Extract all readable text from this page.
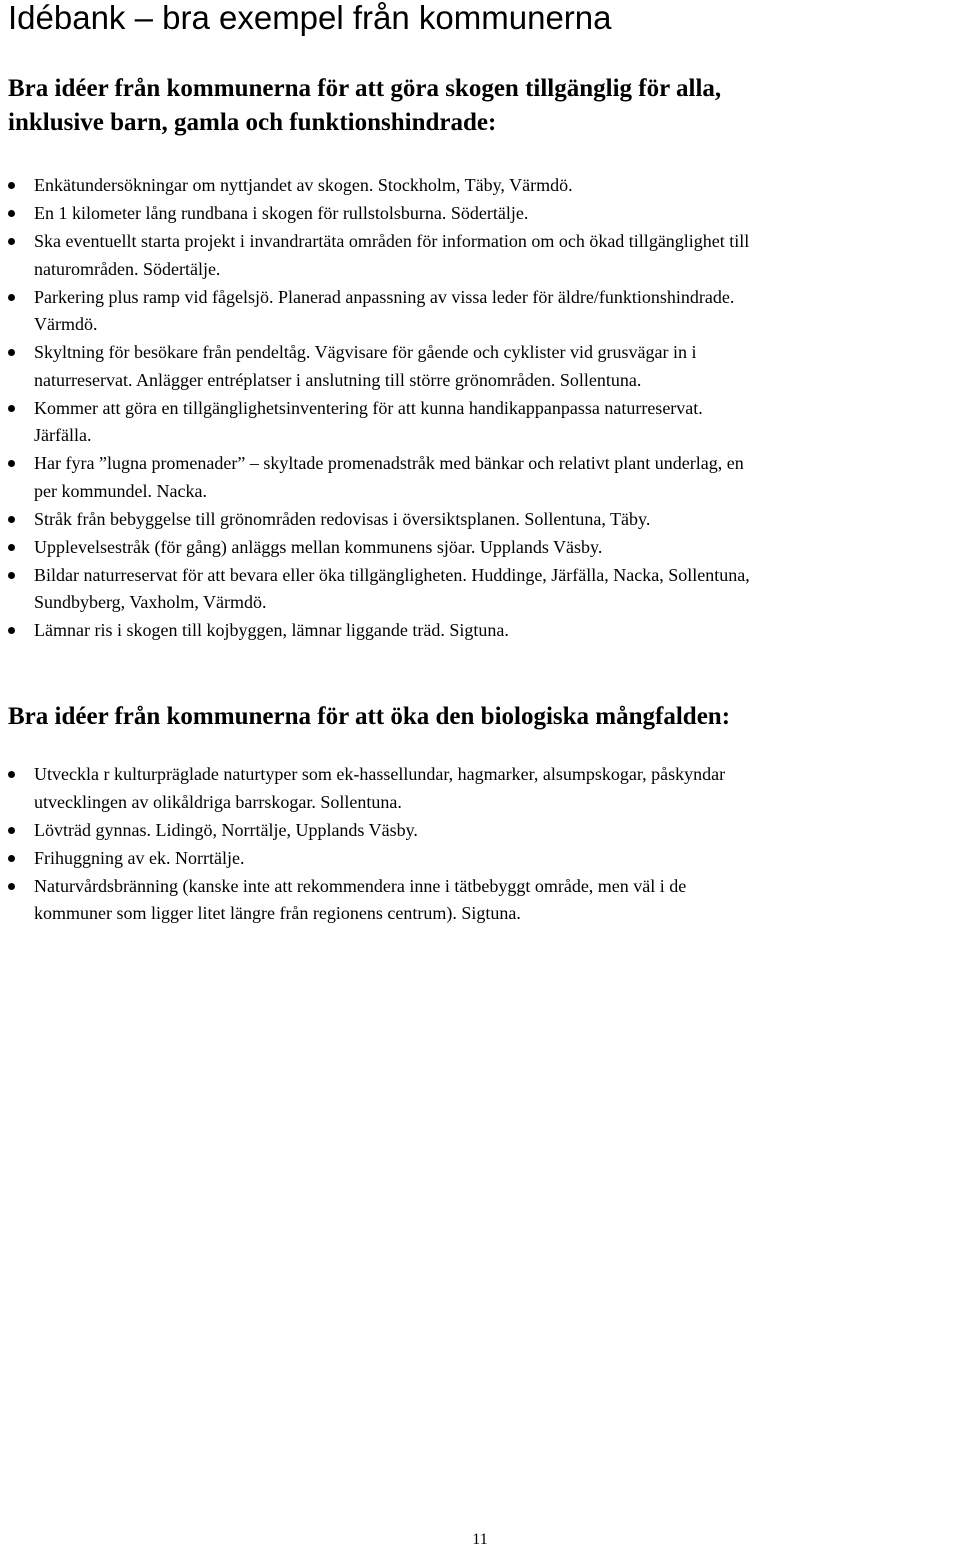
Idébank – bra exempel från kommunerna
Bra idéer från kommunerna för att göra skogen tillgänglig för alla,
inklusive barn, gamla och funktionshindrade:
Enkätundersökningar om nyttjandet av skogen. Stockholm, Täby, Värmdö.
En 1 kilometer lång rundbana i skogen för rullstolsburna. Södertälje.
Ska eventuellt starta projekt i invandrartäta områden för information om och ökad tillgänglighet till
naturområden. Södertälje.
Parkering plus ramp vid fågelsjö. Planerad anpassning av vissa leder för äldre/funktionshindrade.
Värmdö.
Skyltning för besökare från pendeltåg. Vägvisare för gående och cyklister vid grusvägar in i
naturreservat. Anlägger entréplatser i anslutning till större grönområden. Sollentuna.
Kommer att göra en tillgänglighetsinventering för att kunna handikappanpassa naturreservat.
Järfälla.
Har fyra ”lugna promenader” – skyltade promenadstråk med bänkar och relativt plant underlag, en
per kommundel. Nacka.
Stråk från bebyggelse till grönområden redovisas i översiktsplanen. Sollentuna, Täby.
Upplevelsestråk (för gång) anläggs mellan kommunens sjöar. Upplands Väsby.
Bildar naturreservat för att bevara eller öka tillgängligheten. Huddinge, Järfälla, Nacka, Sollentuna,
Sundbyberg, Vaxholm, Värmdö.
Lämnar ris i skogen till kojbyggen, lämnar liggande träd. Sigtuna.
Bra idéer från kommunerna för att öka den biologiska mångfalden:
Utveckla r kulturpräglade naturtyper som ek-hassellundar, hagmarker, alsumpskogar, påskyndar
utvecklingen av olikåldriga barrskogar. Sollentuna.
Lövträd gynnas. Lidingö, Norrtälje, Upplands Väsby.
Frihuggning av ek. Norrtälje.
Naturvårdsbränning (kanske inte att rekommendera inne i tätbebyggt område, men väl i de
kommuner som ligger litet längre från regionens centrum). Sigtuna.
11
